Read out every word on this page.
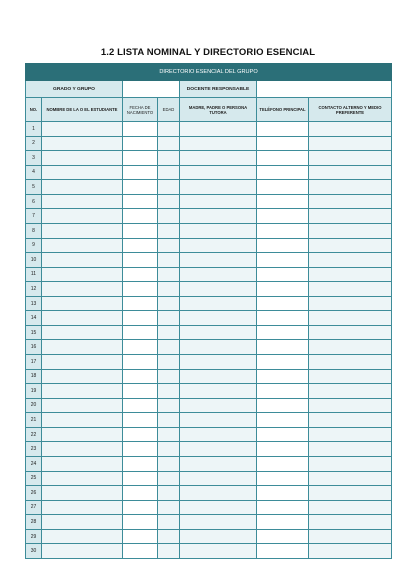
1.2 LISTA NOMINAL Y DIRECTORIO ESENCIAL
DIRECTORIO ESENCIAL DEL GRUPO						
GRADO Y GRUPO				DOCENTE RESPONSABLE		
NO.	NOMBRE DE LA O EL ESTUDIANTE	FECHA DE NACIMIENTO	EDAD	MADRE, PADRE O PERSONA TUTORA	TELÉFONO PRINCIPAL	CONTACTO ALTERNO Y MEDIO PREFERENTE
1						
2						
3						
4						
5						
6						
7						
8						
9						
10						
11						
12						
13						
14						
15						
16						
17						
18						
19						
20						
21						
22						
23						
24						
25						
26						
27						
28						
29						
30						
